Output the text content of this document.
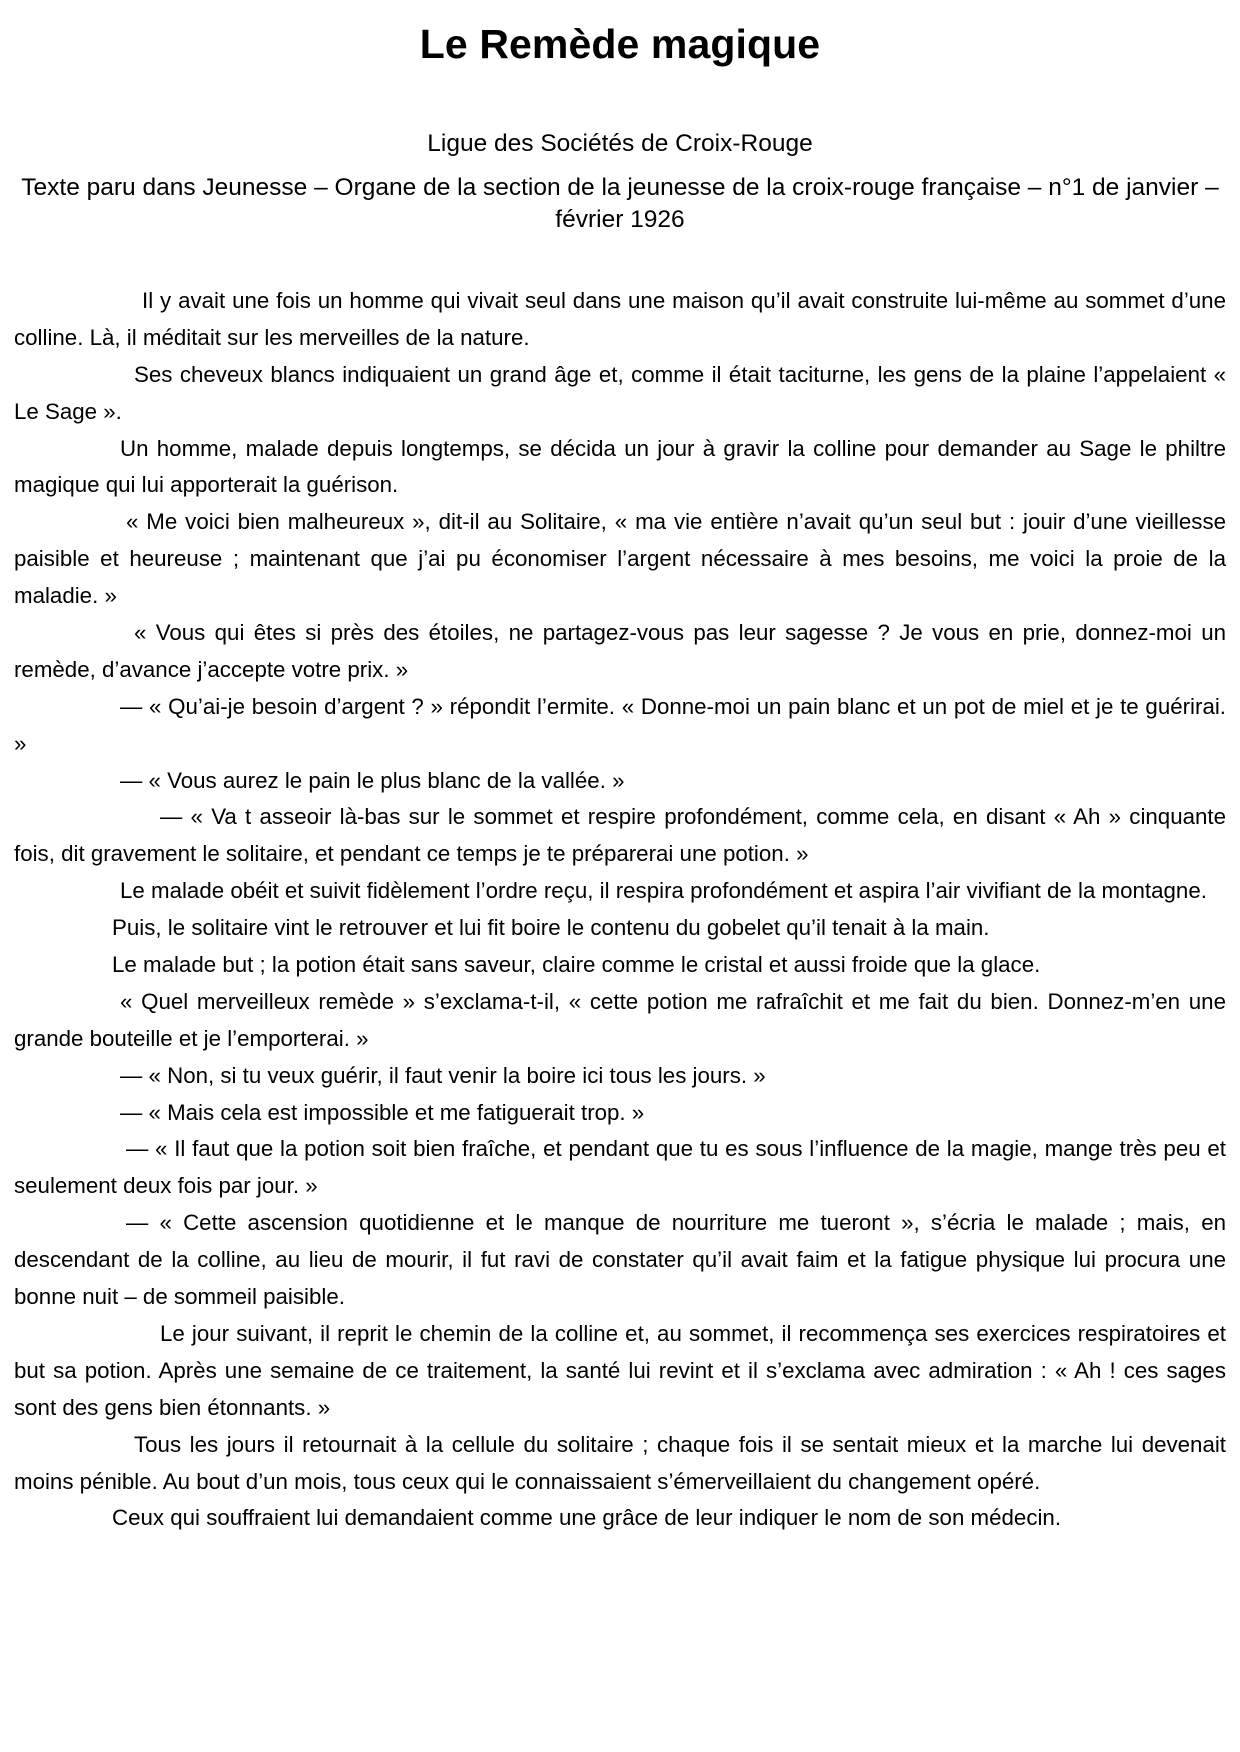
Le Remède magique

Ligue des Sociétés de Croix-Rouge

Texte paru dans Jeunesse – Organe de la section de la jeunesse de la croix-rouge française – n°1 de janvier – février 1926

Il y avait une fois un homme qui vivait seul dans une maison qu’il avait construite lui-même au sommet d’une colline. Là, il méditait sur les merveilles de la nature.

Ses cheveux blancs indiquaient un grand âge et, comme il était taciturne, les gens de la plaine l’appelaient « Le Sage ».

Un homme, malade depuis longtemps, se décida un jour à gravir la colline pour demander au Sage le philtre magique qui lui apporterait la guérison.

« Me voici bien malheureux », dit-il au Solitaire, « ma vie entière n’avait qu’un seul but : jouir d’une vieillesse paisible et heureuse ; maintenant que j’ai pu économiser l’argent nécessaire à mes besoins, me voici la proie de la maladie. »

« Vous qui êtes si près des étoiles, ne partagez-vous pas leur sagesse ? Je vous en prie, donnez-moi un remède, d’avance j’accepte votre prix. »

— « Qu’ai-je besoin d’argent ? » répondit l’ermite. « Donne-moi un pain blanc et un pot de miel et je te guérirai. »

— « Vous aurez le pain le plus blanc de la vallée. »

— « Va t asseoir là-bas sur le sommet et respire profondément, comme cela, en disant « Ah » cinquante fois, dit gravement le solitaire, et pendant ce temps je te préparerai une potion. »

Le malade obéit et suivit fidèlement l’ordre reçu, il respira profondément et aspira l’air vivifiant de la montagne.

Puis, le solitaire vint le retrouver et lui fit boire le contenu du gobelet qu’il tenait à la main.

Le malade but ; la potion était sans saveur, claire comme le cristal et aussi froide que la glace.

« Quel merveilleux remède » s’exclama-t-il, « cette potion me rafraîchit et me fait du bien. Donnez-m’en une grande bouteille et je l’emporterai. »

— « Non, si tu veux guérir, il faut venir la boire ici tous les jours. »

— « Mais cela est impossible et me fatiguerait trop. »

— « Il faut que la potion soit bien fraîche, et pendant que tu es sous l’influence de la magie, mange très peu et seulement deux fois par jour. »

— « Cette ascension quotidienne et le manque de nourriture me tueront », s’écria le malade ; mais, en descendant de la colline, au lieu de mourir, il fut ravi de constater qu’il avait faim et la fatigue physique lui procura une bonne nuit – de sommeil paisible.

Le jour suivant, il reprit le chemin de la colline et, au sommet, il recommença ses exercices respiratoires et but sa potion. Après une semaine de ce traitement, la santé lui revint et il s’exclama avec admiration : « Ah ! ces sages sont des gens bien étonnants. »

Tous les jours il retournait à la cellule du solitaire ; chaque fois il se sentait mieux et la marche lui devenait moins pénible. Au bout d’un mois, tous ceux qui le connaissaient s’émerveillaient du changement opéré.

Ceux qui souffraient lui demandaient comme une grâce de leur indiquer le nom de son médecin.
